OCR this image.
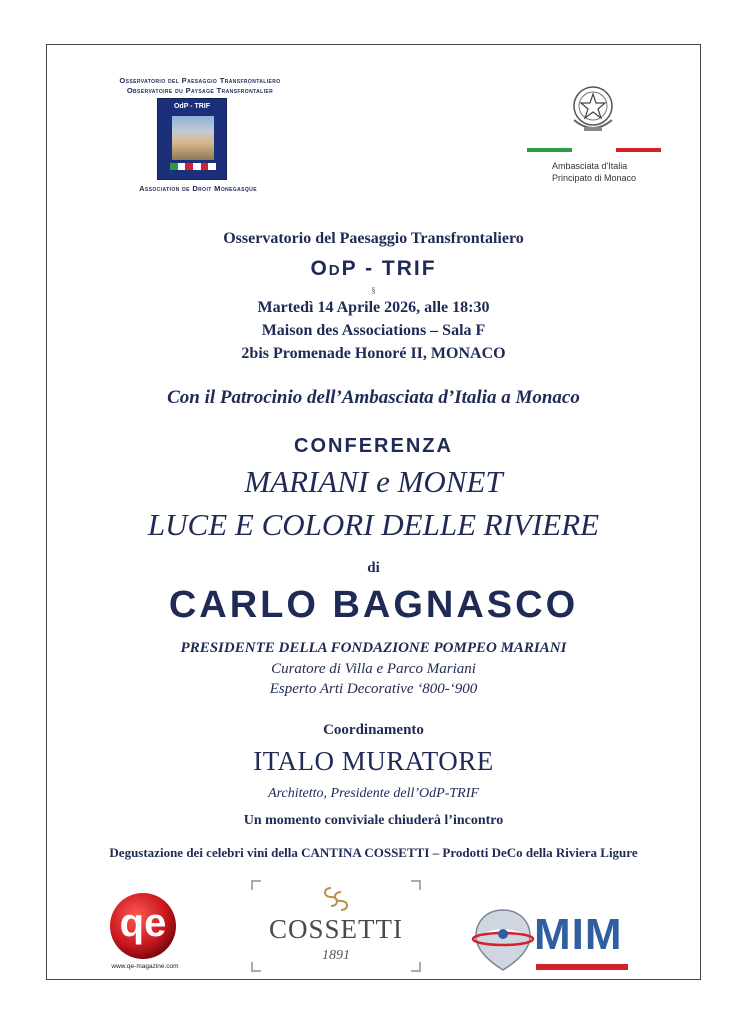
Osservatorio del Paesaggio Transfrontaliero
Observatoire du Paysage Transfrontalier
OdP - TRIF
Association de Droit Monegasque
Ambasciata d'Italia
Principato di Monaco
Osservatorio del Paesaggio Transfrontaliero
OdP - TRIF
§
Martedì 14 Aprile 2026, alle 18:30
Maison des Associations – Sala F
2bis Promenade Honoré II, MONACO
Con il Patrocinio dell’Ambasciata d’Italia a Monaco
CONFERENZA
MARIANI e MONET
LUCE E COLORI DELLE RIVIERE
di
CARLO BAGNASCO
PRESIDENTE DELLA FONDAZIONE POMPEO MARIANI
Curatore di Villa e Parco Mariani
Esperto Arti Decorative ‘800-‘900
Coordinamento
ITALO MURATORE
Architetto, Presidente dell’OdP-TRIF
Un momento conviviale chiuderà l’incontro
Degustazione dei celebri vini della CANTINA COSSETTI – Prodotti DeCo della Riviera Ligure
qe
www.qe-magazine.com
COSSETTI
1891	MIM
